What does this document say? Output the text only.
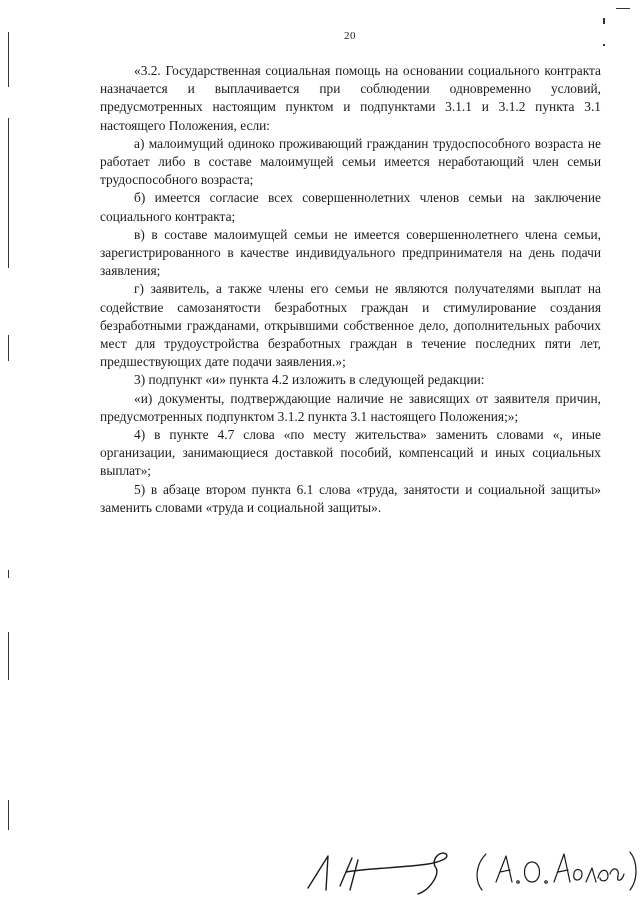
20

«3.2. Государственная социальная помощь на основании социального контракта назначается и выплачивается при соблюдении одновременно условий, предусмотренных настоящим пунктом и подпунктами 3.1.1 и 3.1.2 пункта 3.1 настоящего Положения, если:

а) малоимущий одиноко проживающий гражданин трудоспособного возраста не работает либо в составе малоимущей семьи имеется неработающий член семьи трудоспособного возраста;

б) имеется согласие всех совершеннолетних членов семьи на заключение социального контракта;

в) в составе малоимущей семьи не имеется совершеннолетнего члена семьи, зарегистрированного в качестве индивидуального предпринимателя на день подачи заявления;

г) заявитель, а также члены его семьи не являются получателями выплат на содействие самозанятости безработных граждан и стимулирование создания безработными гражданами, открывшими собственное дело, дополнительных рабочих мест для трудоустройства безработных граждан в течение последних пяти лет, предшествующих дате подачи заявления.»;

3) подпункт «и» пункта 4.2 изложить в следующей редакции:

«и) документы, подтверждающие наличие не зависящих от заявителя причин, предусмотренных подпунктом 3.1.2 пункта 3.1 настоящего Положения;»;

4) в пункте 4.7 слова «по месту жительства» заменить словами «, иные организации, занимающиеся доставкой пособий, компенсаций и иных социальных выплат»;

5) в абзаце втором пункта 6.1 слова «труда, занятости и социальной защиты» заменить словами «труда и социальной защиты».
